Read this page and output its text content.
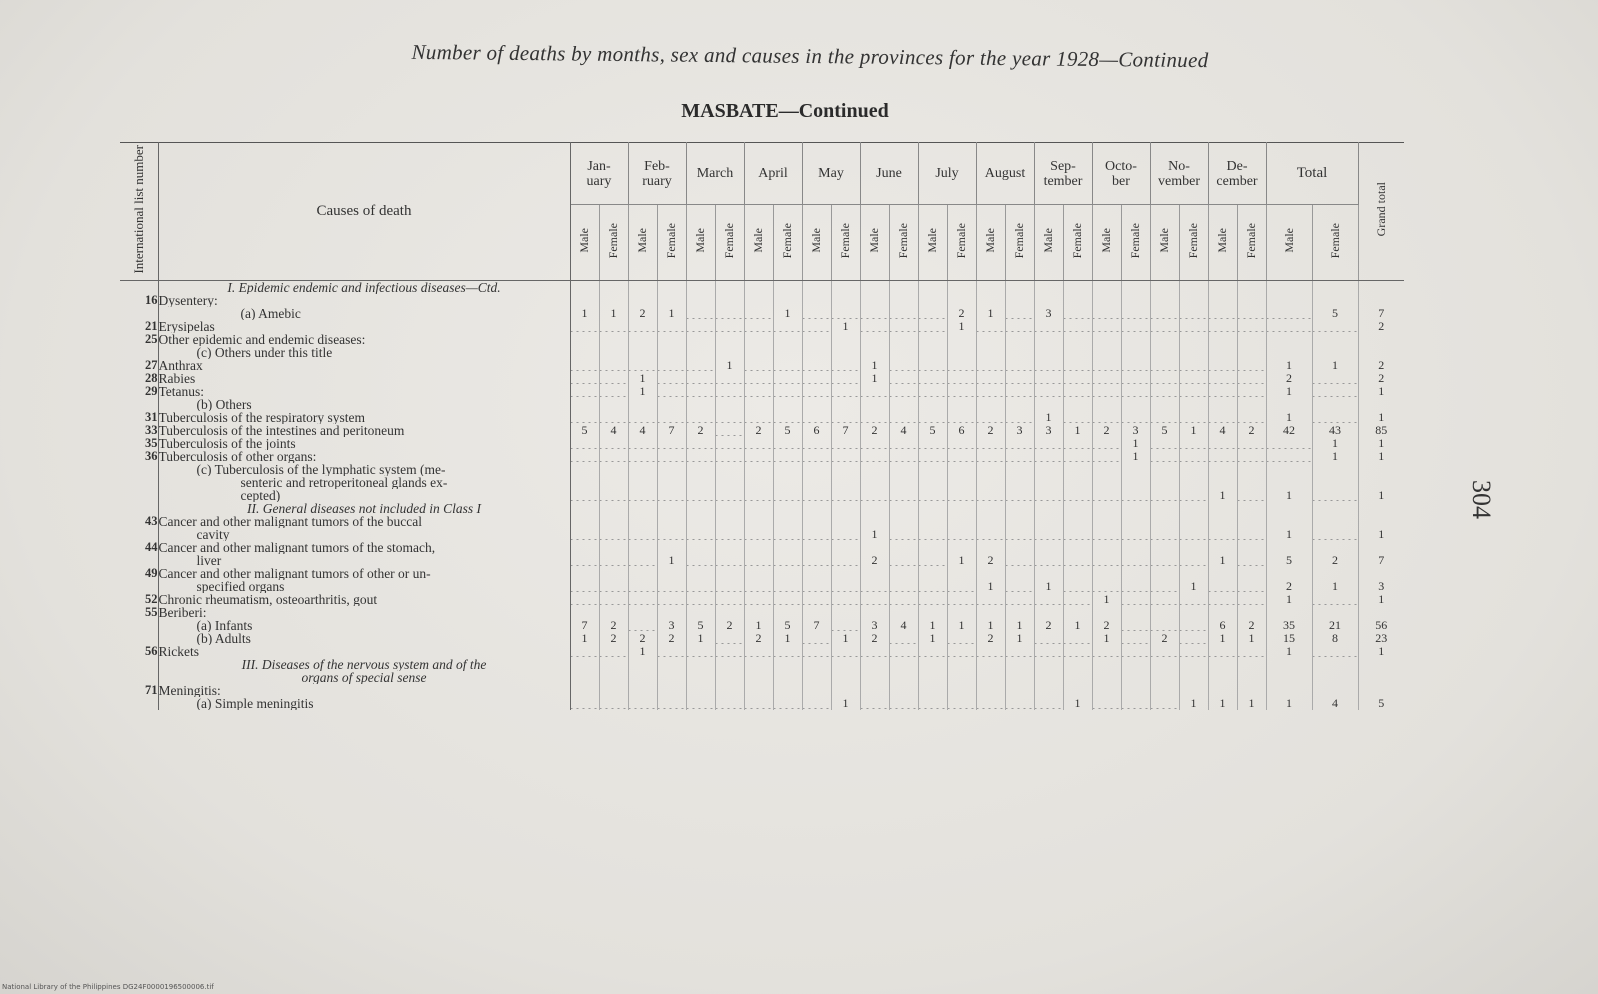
Number of deaths by months, sex and causes in the provinces for the year 1928—Continued
MASBATE—Continued
304
National Library of the Philippines DG24F0000196500006.tif
International list number	Causes of death	Jan-
uary		Feb-
ruary		March		April		May		June		July		August		Sep-
tember		Octo-
ber		No-
vember		De-
cember		Total		Grand total
		Male	Female	Male	Female	Male	Female	Male	Female	Male	Female	Male	Female	Male	Female	Male	Female	Male	Female	Male	Female	Male	Female	Male	Female	Male	Female	
	I. Epidemic endemic and infectious diseases—Ctd.																											
16	Dysentery:																											
	(a) Amebic	1	1	2	1				1						2	1		3									5	7
21	Erysipelas										1				1													2
25	Other epidemic and endemic diseases:																											
	(c) Others under this title																											
27	Anthrax						1					1														1	1	2
28	Rabies			1								1														2		2
29	Tetanus:			1																						1		1
	(b) Others																											
31	Tuberculosis of the respiratory system																	1								1		1
33	Tuberculosis of the intestines and peritoneum	5	4	4	7	2		2	5	6	7	2	4	5	6	2	3	3	1	2	3	5	1	4	2	42	43	85
35	Tuberculosis of the joints																				1						1	1
36	Tuberculosis of other organs:																				1						1	1
	(c) Tuberculosis of the lymphatic system (me-																											
	senteric and retroperitoneal glands ex-																											
	cepted)																							1		1		1
	II. General diseases not included in Class I																											
43	Cancer and other malignant tumors of the buccal																											
	cavity											1														1		1
44	Cancer and other malignant tumors of the stomach,																											
	liver				1							2			1	2								1		5	2	7
49	Cancer and other malignant tumors of other or un-																											
	specified organs															1		1					1			2	1	3
52	Chronic rheumatism, osteoarthritis, gout																			1						1		1
55	Beriberi:																											
	(a) Infants	7	2		3	5	2	1	5	7		3	4	1	1	1	1	2	1	2				6	2	35	21	56
	(b) Adults	1	2	2	2	1		2	1		1	2		1		2	1			1		2		1	1	15	8	23
56	Rickets			1																						1		1
	III. Diseases of the nervous system and of the																											
	organs of special sense																											
71	Meningitis:																											
	(a) Simple meningitis										1								1				1	1	1	1	4	5
